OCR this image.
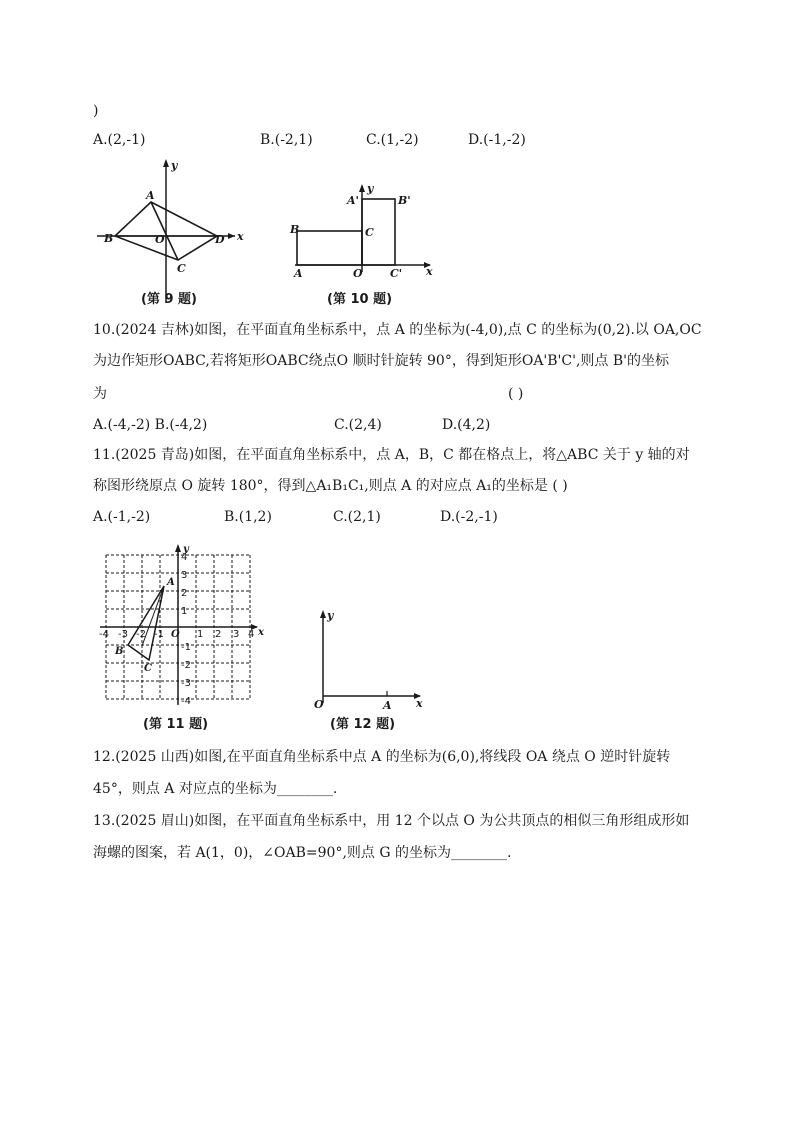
)
A.(2,-1)	B.(-2,1)	C.(1,-2)	D.(-1,-2)
A
B	O	D
C
x
y
(第 9 题)
B	C
A	O C'
A'	B'
x
y
(第 10 题)
10.(2024 吉林)如图，在平面直角坐标系中，点 A 的坐标为(-4,0),点 C 的坐标为(0,2).以 OA,OC
为边作矩形OABC,若将矩形OABC绕点O 顺时针旋转 90°，得到矩形OA'B'C',则点 B'的坐标
为	( )
A.(-4,-2) B.(-4,2)	C.(2,4)	D.(4,2)
11.(2025 青岛)如图，在平面直角坐标系中，点 A，B，C 都在格点上，将△ABC 关于 y 轴的对
称图形绕原点 O 旋转 180°，得到△A₁B₁C₁,则点 A 的对应点 A₁的坐标是 ( )
A.(-1,-2)	B.(1,2)	C.(2,1)	D.(-2,-1)
B
C
A
-4 -3 -2 -1 O 1 2 3 4
4
3
2
1
-1
-2
-3
-4
x
y
(第 11 题)
y
x
O	A
(第 12 题)
12.(2025 山西)如图,在平面直角坐标系中点 A 的坐标为(6,0),将线段 OA 绕点 O 逆时针旋转
45°，则点 A 对应点的坐标为________.
13.(2025 眉山)如图，在平面直角坐标系中，用 12 个以点 O 为公共顶点的相似三角形组成形如
海螺的图案，若 A(1，0)，∠OAB=90°,则点 G 的坐标为________.
